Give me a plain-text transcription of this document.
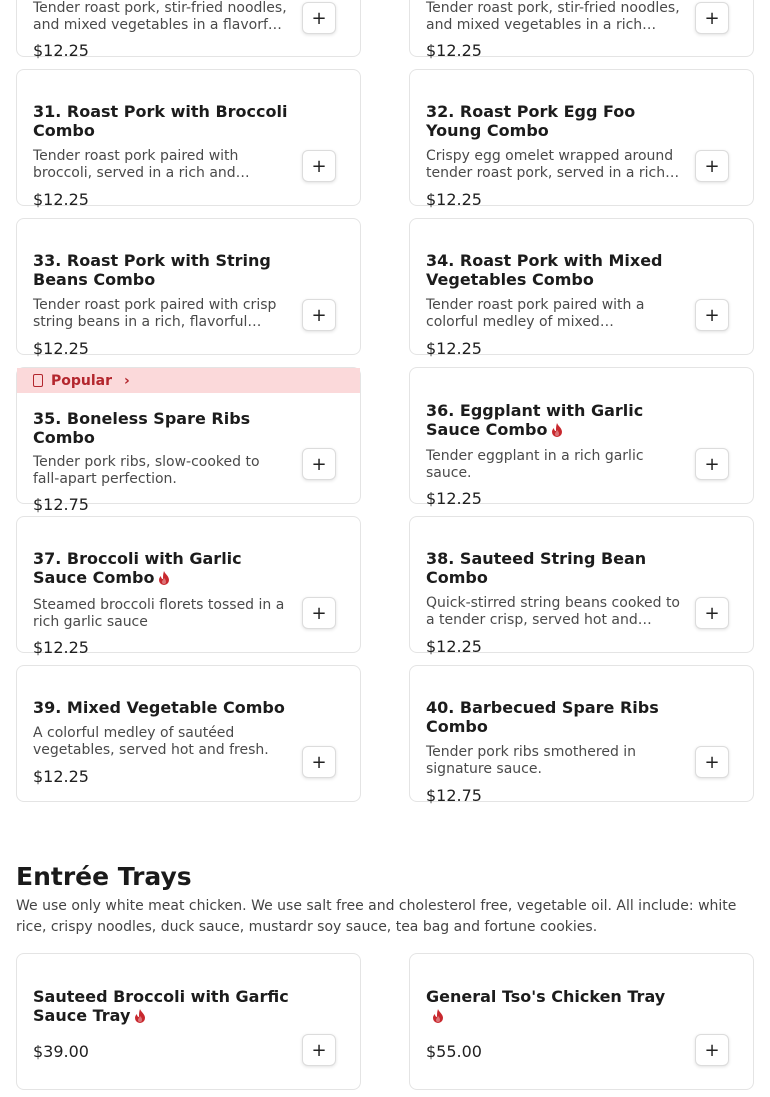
Tender roast pork, stir-fried noodles, and mixed vegetables in a flavorf…
$12.25
+	Tender roast pork, stir-fried noodles, and mixed vegetables in a rich…
$12.25
+
31. Roast Pork with Broccoli Combo
Tender roast pork paired with broccoli, served in a rich and…
$12.25
+
32. Roast Pork Egg Foo Young Combo
Crispy egg omelet wrapped around tender roast pork, served in a rich…
$12.25
+
33. Roast Pork with String Beans Combo
Tender roast pork paired with crisp string beans in a rich, flavorful…
$12.25
+
34. Roast Pork with Mixed Vegetables Combo
Tender roast pork paired with a colorful medley of mixed…
$12.25
+
Popular ›
35. Boneless Spare Ribs Combo
Tender pork ribs, slow-cooked to fall-apart perfection.
$12.75
+
36. Eggplant with Garlic Sauce Combo
Tender eggplant in a rich garlic sauce.
$12.25
+
37. Broccoli with Garlic Sauce Combo
Steamed broccoli florets tossed in a rich garlic sauce
$12.25
+
38. Sauteed String Bean Combo
Quick-stirred string beans cooked to a tender crisp, served hot and…
$12.25
+
39. Mixed Vegetable Combo
A colorful medley of sautéed vegetables, served hot and fresh.
$12.25
+
40. Barbecued Spare Ribs Combo
Tender pork ribs smothered in signature sauce.
$12.75
+
Entrée Trays
We use only white meat chicken. We use salt free and cholesterol free, vegetable oil. All include: white rice, crispy noodles, duck sauce, mustardr soy sauce, tea bag and fortune cookies.
Sauteed Broccoli with Garfic Sauce Tray
$39.00	+
General Tso's Chicken Tray

$55.00	+
